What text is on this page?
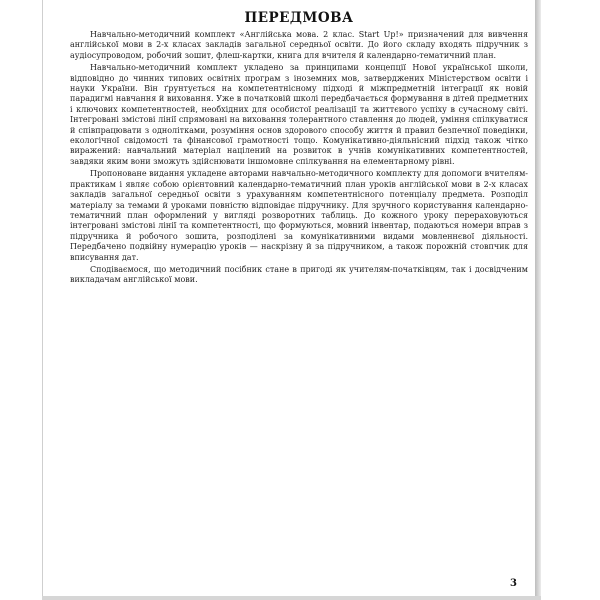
ПЕРЕДМОВА

Навчально-методичний комплект «Англійська мова. 2 клас. Start Up!» призначений для вивчення англійської мови в 2-х класах закладів загальної середньої освіти. До його складу входять підручник з аудіосупроводом, робочий зошит, флеш-картки, книга для вчителя й календарно-тематичний план.

Навчально-методичний комплект укладено за принципами концепції Нової української школи, відповідно до чинних типових освітніх програм з іноземних мов, затверджених Міністерством освіти і науки України. Він ґрунтується на компетентнісному підході й міжпредметній інтеграції як новій парадигмі навчання й виховання. Уже в початковій школі передбачається формування в дітей предметних і ключових компетентностей, необхідних для особистої реалізації та життєвого успіху в сучасному світі. Інтегровані змістові лінії спрямовані на виховання толерантного ставлення до людей, уміння спілкуватися й співпрацювати з однолітками, розуміння основ здорового способу життя й правил безпечної поведінки, екологічної свідомості та фінансової грамотності тощо. Комунікативно-діяльнісний підхід також чітко виражений: навчальний матеріал націлений на розвиток в учнів комунікативних компетентностей, завдяки яким вони зможуть здійснювати іншомовне спілкування на елементарному рівні.

Пропоноване видання укладене авторами навчально-методичного комплекту для допомоги вчителям-практикам і являє собою орієнтовний календарно-тематичний план уроків англійської мови в 2-х класах закладів загальної середньої освіти з урахуванням компетентнісного потенціалу предмета. Розподіл матеріалу за темами й уроками повністю відповідає підручнику. Для зручного користування календарно-тематичний план оформлений у вигляді розворотних таблиць. До кожного уроку перераховуються інтегровані змістові лінії та компетентності, що формуються, мовний інвентар, подаються номери вправ з підручника й робочого зошита, розподілені за комунікативними видами мовленнєвої діяльності. Передбачено подвійну нумерацію уроків — наскрізну й за підручником, а також порожній стовпчик для вписування дат.

Сподіваємося, що методичний посібник стане в пригоді як учителям-початківцям, так і досвідченим викладачам англійської мови.

3
